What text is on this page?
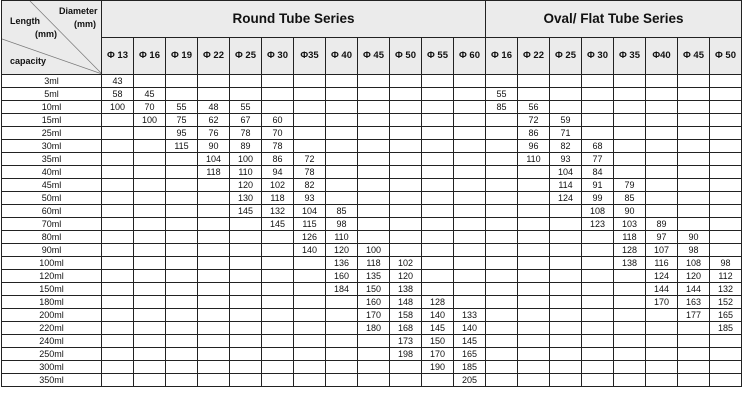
Diameter
(mm)
Length
(mm)
capacity	Round Tube Series												Oval/ Flat Tube Series							
	Φ 13	Φ 16	Φ 19	Φ 22	Φ 25	Φ 30	Φ35	Φ 40	Φ 45	Φ 50	Φ 55	Φ 60	Φ 16	Φ 22	Φ 25	Φ 30	Φ 35	Φ40	Φ 45	Φ 50
3ml	43																			
5ml	58	45											55							
10ml	100	70	55	48	55								85	56						
15ml		100	75	62	67	60								72	59					
25ml			95	76	78	70								86	71					
30ml			115	90	89	78								96	82	68				
35ml				104	100	86	72							110	93	77				
40ml				118	110	94	78								104	84				
45ml					120	102	82								114	91	79			
50ml					130	118	93								124	99	85			
60ml					145	132	104	85								108	90			
70ml						145	115	98								123	103	89		
80ml							126	110									118	97	90	
90ml							140	120	100								128	107	98	
100ml								136	118	102							138	116	108	98
120ml								160	135	120								124	120	112
150ml								184	150	138								144	144	132
180ml									160	148	128							170	163	152
200ml									170	158	140	133							177	165
220ml									180	168	145	140								185
240ml										173	150	145								
250ml										198	170	165								
300ml											190	185								
350ml												205								
